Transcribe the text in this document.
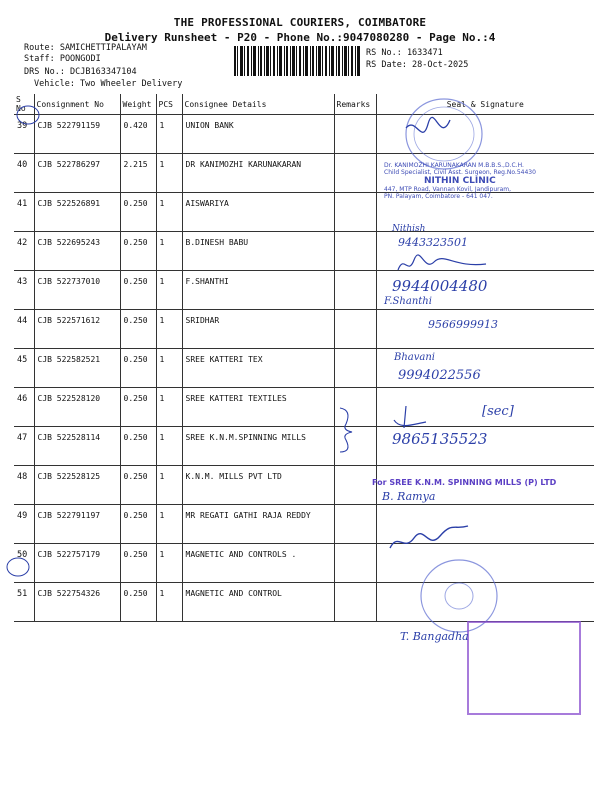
THE PROFESSIONAL COURIERS, COIMBATORE
Delivery Runsheet - P20 - Phone No.:9047080280 - Page No.:4
Route: SAMICHETTIPALAYAM
Staff: POONGODI
DRS No.: DCJB163347104
Vehicle: Two Wheeler Delivery
RS No.: 1633471
RS Date: 28-Oct-2025
S No	Consignment No	Weight	PCS	Consignee Details	Remarks	Seal & Signature
39	CJB 522791159	0.420	1	UNION BANK		
40	CJB 522786297	2.215	1	DR KANIMOZHI KARUNAKARAN		
41	CJB 522526891	0.250	1	AISWARIYA		
42	CJB 522695243	0.250	1	B.DINESH BABU		
43	CJB 522737010	0.250	1	F.SHANTHI		
44	CJB 522571612	0.250	1	SRIDHAR		
45	CJB 522582521	0.250	1	SREE KATTERI TEX		
46	CJB 522528120	0.250	1	SREE KATTERI TEXTILES		
47	CJB 522528114	0.250	1	SREE K.N.M.SPINNING MILLS		
48	CJB 522528125	0.250	1	K.N.M. MILLS PVT LTD		
49	CJB 522791197	0.250	1	MR REGATI GATHI RAJA REDDY		
50	CJB 522757179	0.250	1	MAGNETIC AND CONTROLS .		
51	CJB 522754326	0.250	1	MAGNETIC AND CONTROL		
Dr. KANIMOZHI KARUNAKARAN M.B.B.S.,D.C.H.
Child Specialist, Civil Asst. Surgeon, Reg.No.54430
NITHIN CLINIC
447, MTP Road, Vannan Kovil, Jandipuram,
PN. Palayam, Coimbatore - 641 047.
Nithish
9443323501
9944004480
F.Shanthi
9566999913
Bhavani
9994022556
[sec]
9865135523
For SREE K.N.M. SPINNING MILLS (P) LTD
B. Ramya
T. Bangadha
